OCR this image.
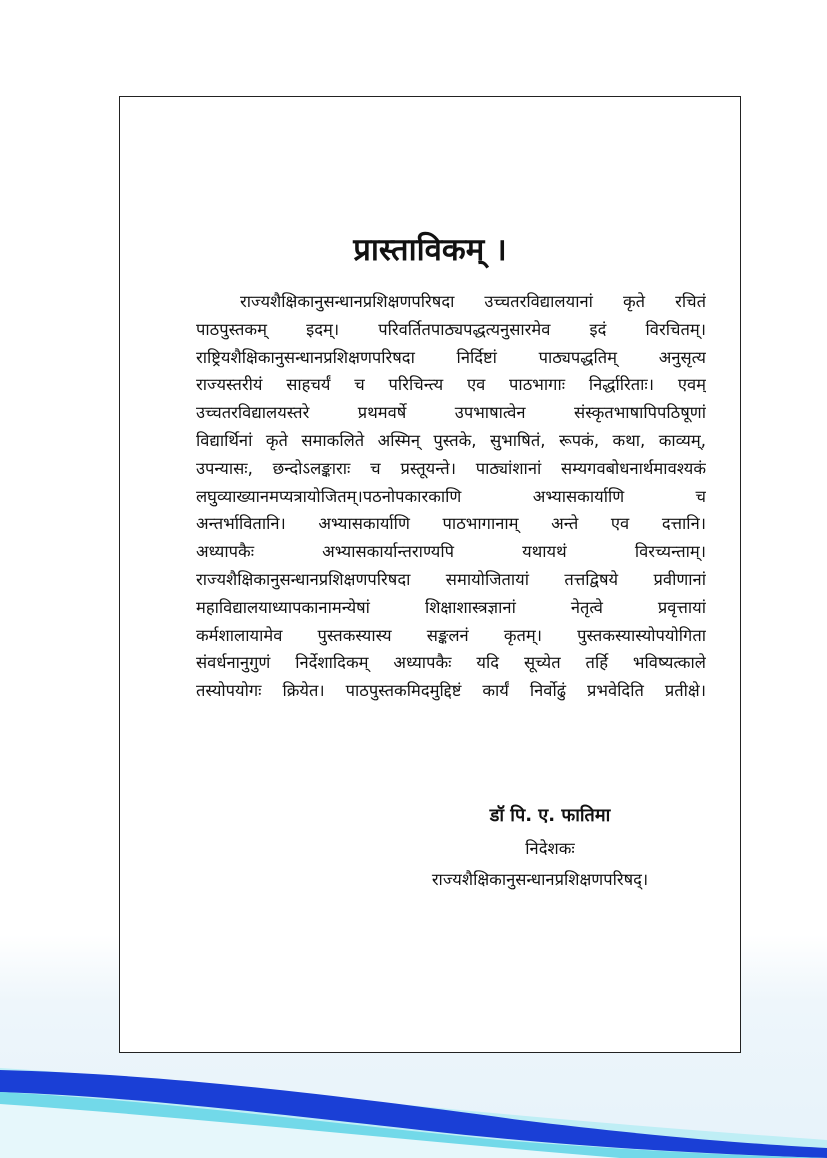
प्रास्ताविकम् ।
राज्यशैक्षिकानुसन्धानप्रशिक्षणपरिषदा उच्चतरविद्यालयानां कृते रचितं
पाठपुस्तकम् इदम्। परिवर्तितपाठ्यपद्धत्यनुसारमेव इदं विरचितम्।
राष्ट्रियशैक्षिकानुसन्धानप्रशिक्षणपरिषदा निर्दिष्टां पाठ्यपद्धतिम् अनुसृत्य
राज्यस्तरीयं साहचर्यं च परिचिन्त्य एव पाठभागाः निर्द्धारिताः। एवम्
उच्चतरविद्यालयस्तरे प्रथमवर्षे उपभाषात्वेन संस्कृतभाषापिपठिषूणां
विद्यार्थिनां कृते समाकलिते अस्मिन् पुस्तके, सुभाषितं, रूपकं, कथा, काव्यम्,
उपन्यासः, छन्दोऽलङ्काराः च प्रस्तूयन्ते। पाठ्यांशानां सम्यगवबोधनार्थमावश्यकं
लघुव्याख्यानमप्यत्रायोजितम्।पठनोपकारकाणि अभ्यासकार्याणि च
अन्तर्भावितानि। अभ्यासकार्याणि पाठभागानाम् अन्ते एव दत्तानि।
अध्यापकैः अभ्यासकार्यान्तराण्यपि यथायथं विरच्यन्ताम्।
राज्यशैक्षिकानुसन्धानप्रशिक्षणपरिषदा समायोजितायां तत्तद्विषये प्रवीणानां
महाविद्यालयाध्यापकानामन्येषां शिक्षाशास्त्रज्ञानां नेतृत्वे प्रवृत्तायां
कर्मशालायामेव पुस्तकस्यास्य सङ्कलनं कृतम्। पुस्तकस्यास्योपयोगिता
संवर्धनानुगुणं निर्देशादिकम् अध्यापकैः यदि सूच्येत तर्हि भविष्यत्काले
तस्योपयोगः क्रियेत। पाठपुस्तकमिदमुद्दिष्टं कार्यं निर्वोढुं प्रभवेदिति प्रतीक्षे।
डॉ पि. ए. फातिमा
निदेशकः
राज्यशैक्षिकानुसन्धानप्रशिक्षणपरिषद्।
